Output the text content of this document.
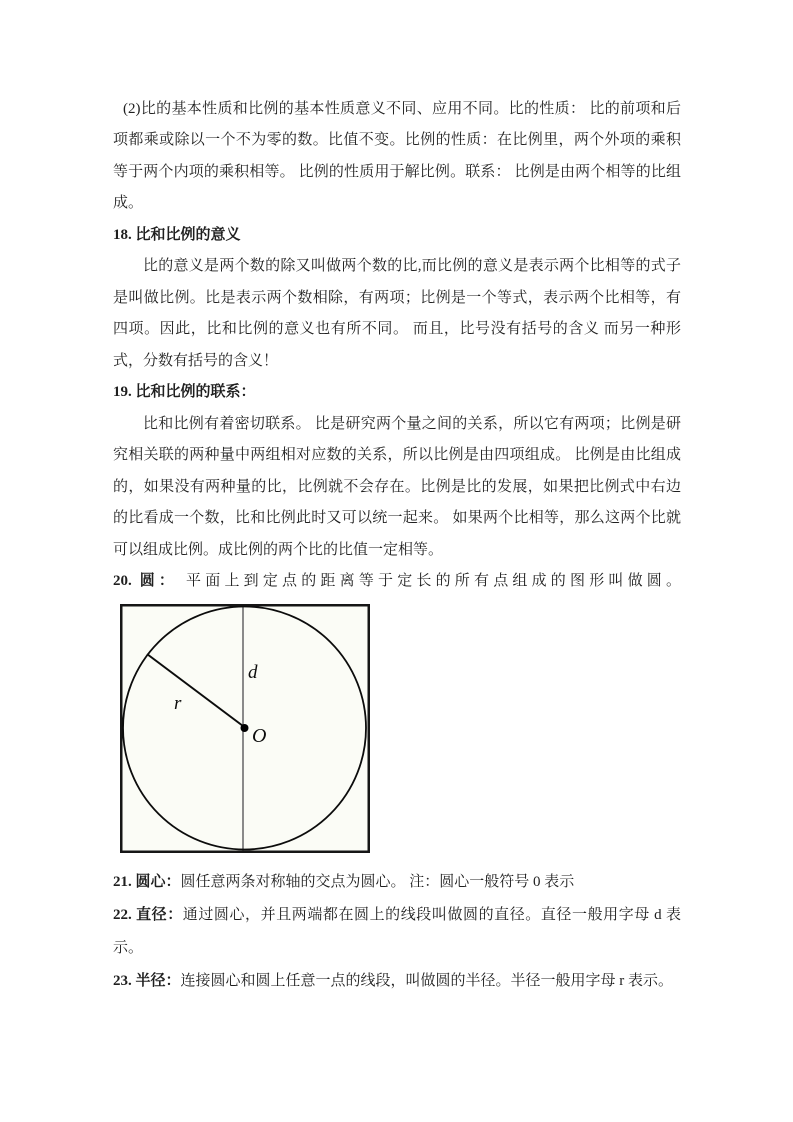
(2)比的基本性质和比例的基本性质意义不同、应用不同。比的性质： 比的前项和后项都乘或除以一个不为零的数。比值不变。比例的性质：在比例里，两个外项的乘积等于两个内项的乘积相等。 比例的性质用于解比例。联系： 比例是由两个相等的比组成。

18. 比和比例的意义

比的意义是两个数的除又叫做两个数的比,而比例的意义是表示两个比相等的式子是叫做比例。比是表示两个数相除，有两项；比例是一个等式，表示两个比相等，有四项。因此，比和比例的意义也有所不同。 而且，比号没有括号的含义 而另一种形式，分数有括号的含义！

19. 比和比例的联系：

比和比例有着密切联系。 比是研究两个量之间的关系，所以它有两项；比例是研究相关联的两种量中两组相对应数的关系，所以比例是由四项组成。 比例是由比组成的，如果没有两种量的比，比例就不会存在。比例是比的发展，如果把比例式中右边的比看成一个数，比和比例此时又可以统一起来。 如果两个比相等，那么这两个比就可以组成比例。成比例的两个比的比值一定相等。

20. 圆： 平面上到定点的距离等于定长的所有点组成的图形叫做圆。

d
r
O

21. 圆心：圆任意两条对称轴的交点为圆心。 注：圆心一般符号 0 表示

22. 直径：通过圆心，并且两端都在圆上的线段叫做圆的直径。直径一般用字母 d 表示。

23. 半径：连接圆心和圆上任意一点的线段，叫做圆的半径。半径一般用字母 r 表示。
